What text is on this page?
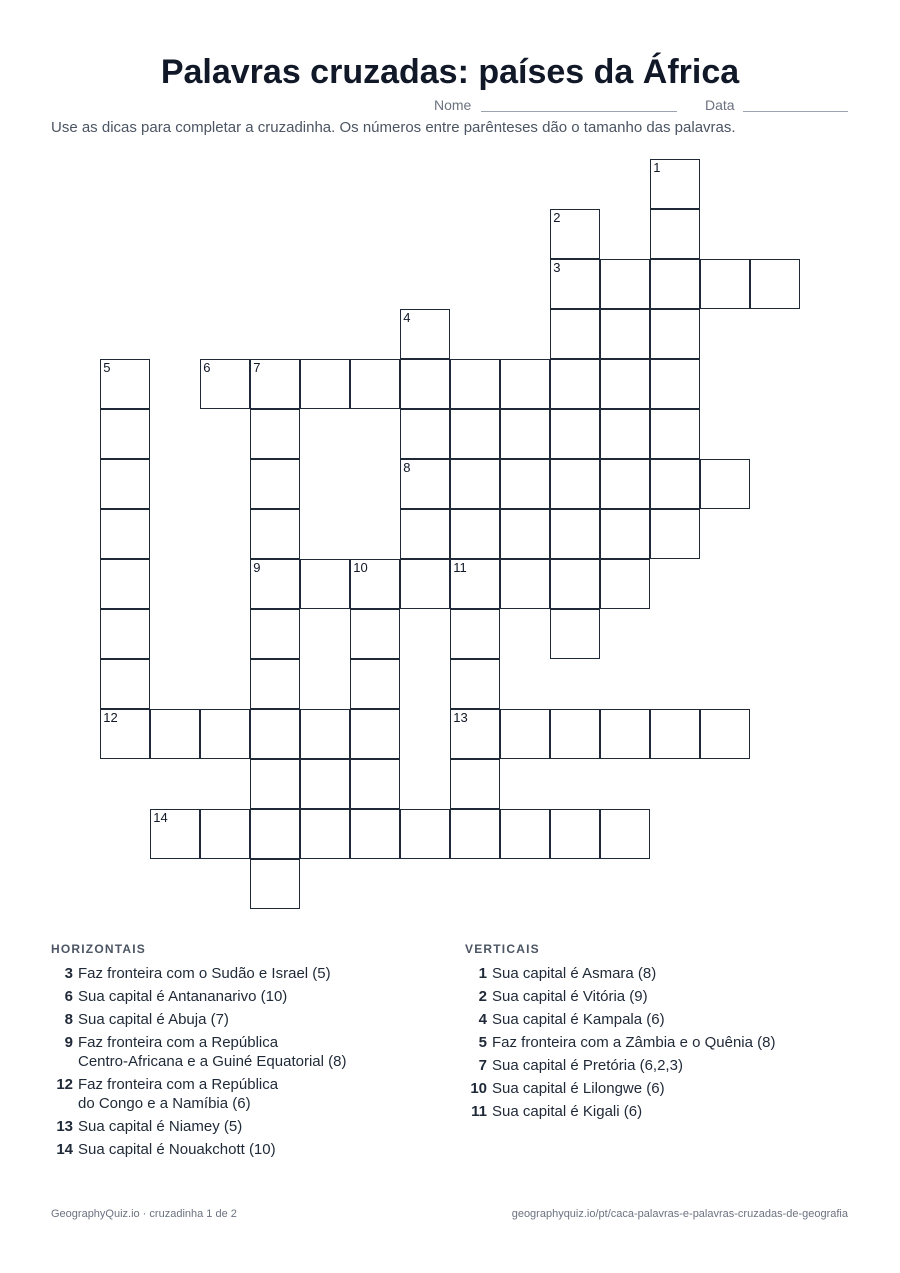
Palavras cruzadas: países da África
Nome	Data
Use as dicas para completar a cruzadinha. Os números entre parênteses dão o tamanho das palavras.
1
2
3
4
5	6	7
8
9	10	11
12	13
14
HORIZONTAIS
3 Faz fronteira com o Sudão e Israel (5)
6 Sua capital é Antananarivo (10)
8 Sua capital é Abuja (7)
9 Faz fronteira com a República
Centro-Africana e a Guiné Equatorial (8)
12 Faz fronteira com a República
do Congo e a Namíbia (6)
13 Sua capital é Niamey (5)
14 Sua capital é Nouakchott (10)
VERTICAIS
1 Sua capital é Asmara (8)
2 Sua capital é Vitória (9)
4 Sua capital é Kampala (6)
5 Faz fronteira com a Zâmbia e o Quênia (8)
7 Sua capital é Pretória (6,2,3)
10 Sua capital é Lilongwe (6)
11 Sua capital é Kigali (6)
GeographyQuiz.io · cruzadinha 1 de 2	geographyquiz.io/pt/caca-palavras-e-palavras-cruzadas-de-geografia
